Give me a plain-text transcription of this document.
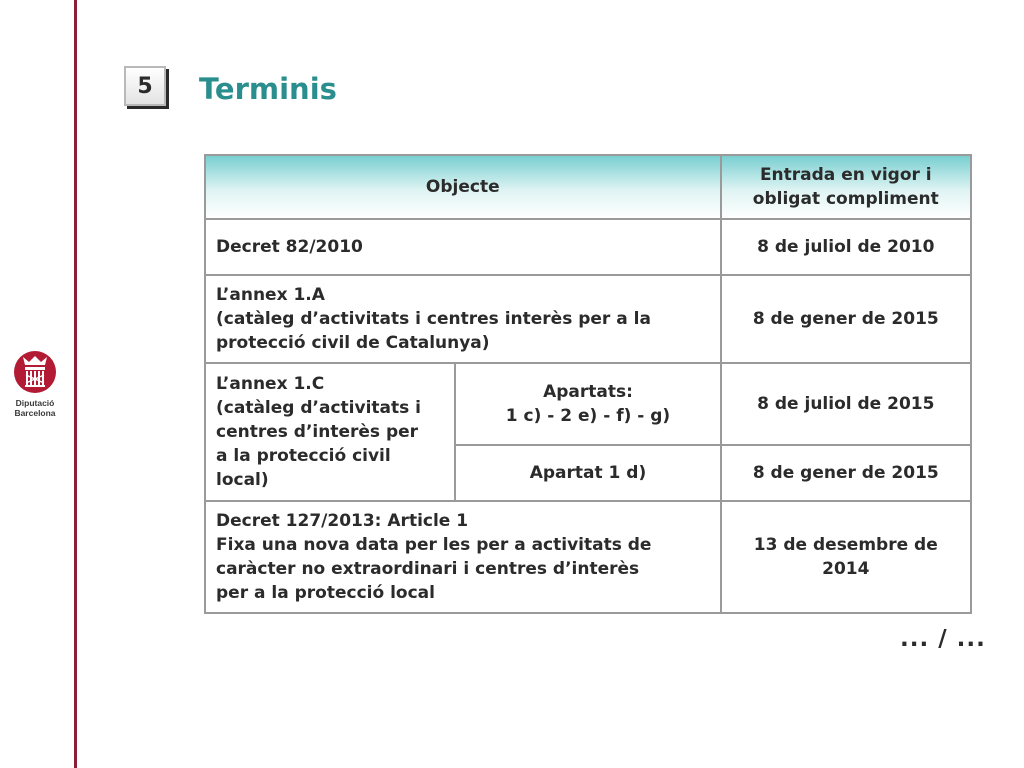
5 Terminis
Diputació
Barcelona
Objecte		Entrada en vigor i
obligat compliment

Decret 82/2010		8 de juliol de 2010

L’annex 1.A
(catàleg d’activitats i centres interès per a la
protecció civil de Catalunya)		8 de gener de 2015

L’annex 1.C
(catàleg d’activitats i
centres d’interès per
a la protecció civil
local)	Apartats:
1 c) - 2 e) - f) - g)	8 de juliol de 2015
	Apartat 1 d)	8 de gener de 2015

Decret 127/2013: Article 1
Fixa una nova data per les per a activitats de
caràcter no extraordinari i centres d’interès
per a la protecció local		13 de desembre de
2014
... / ...
